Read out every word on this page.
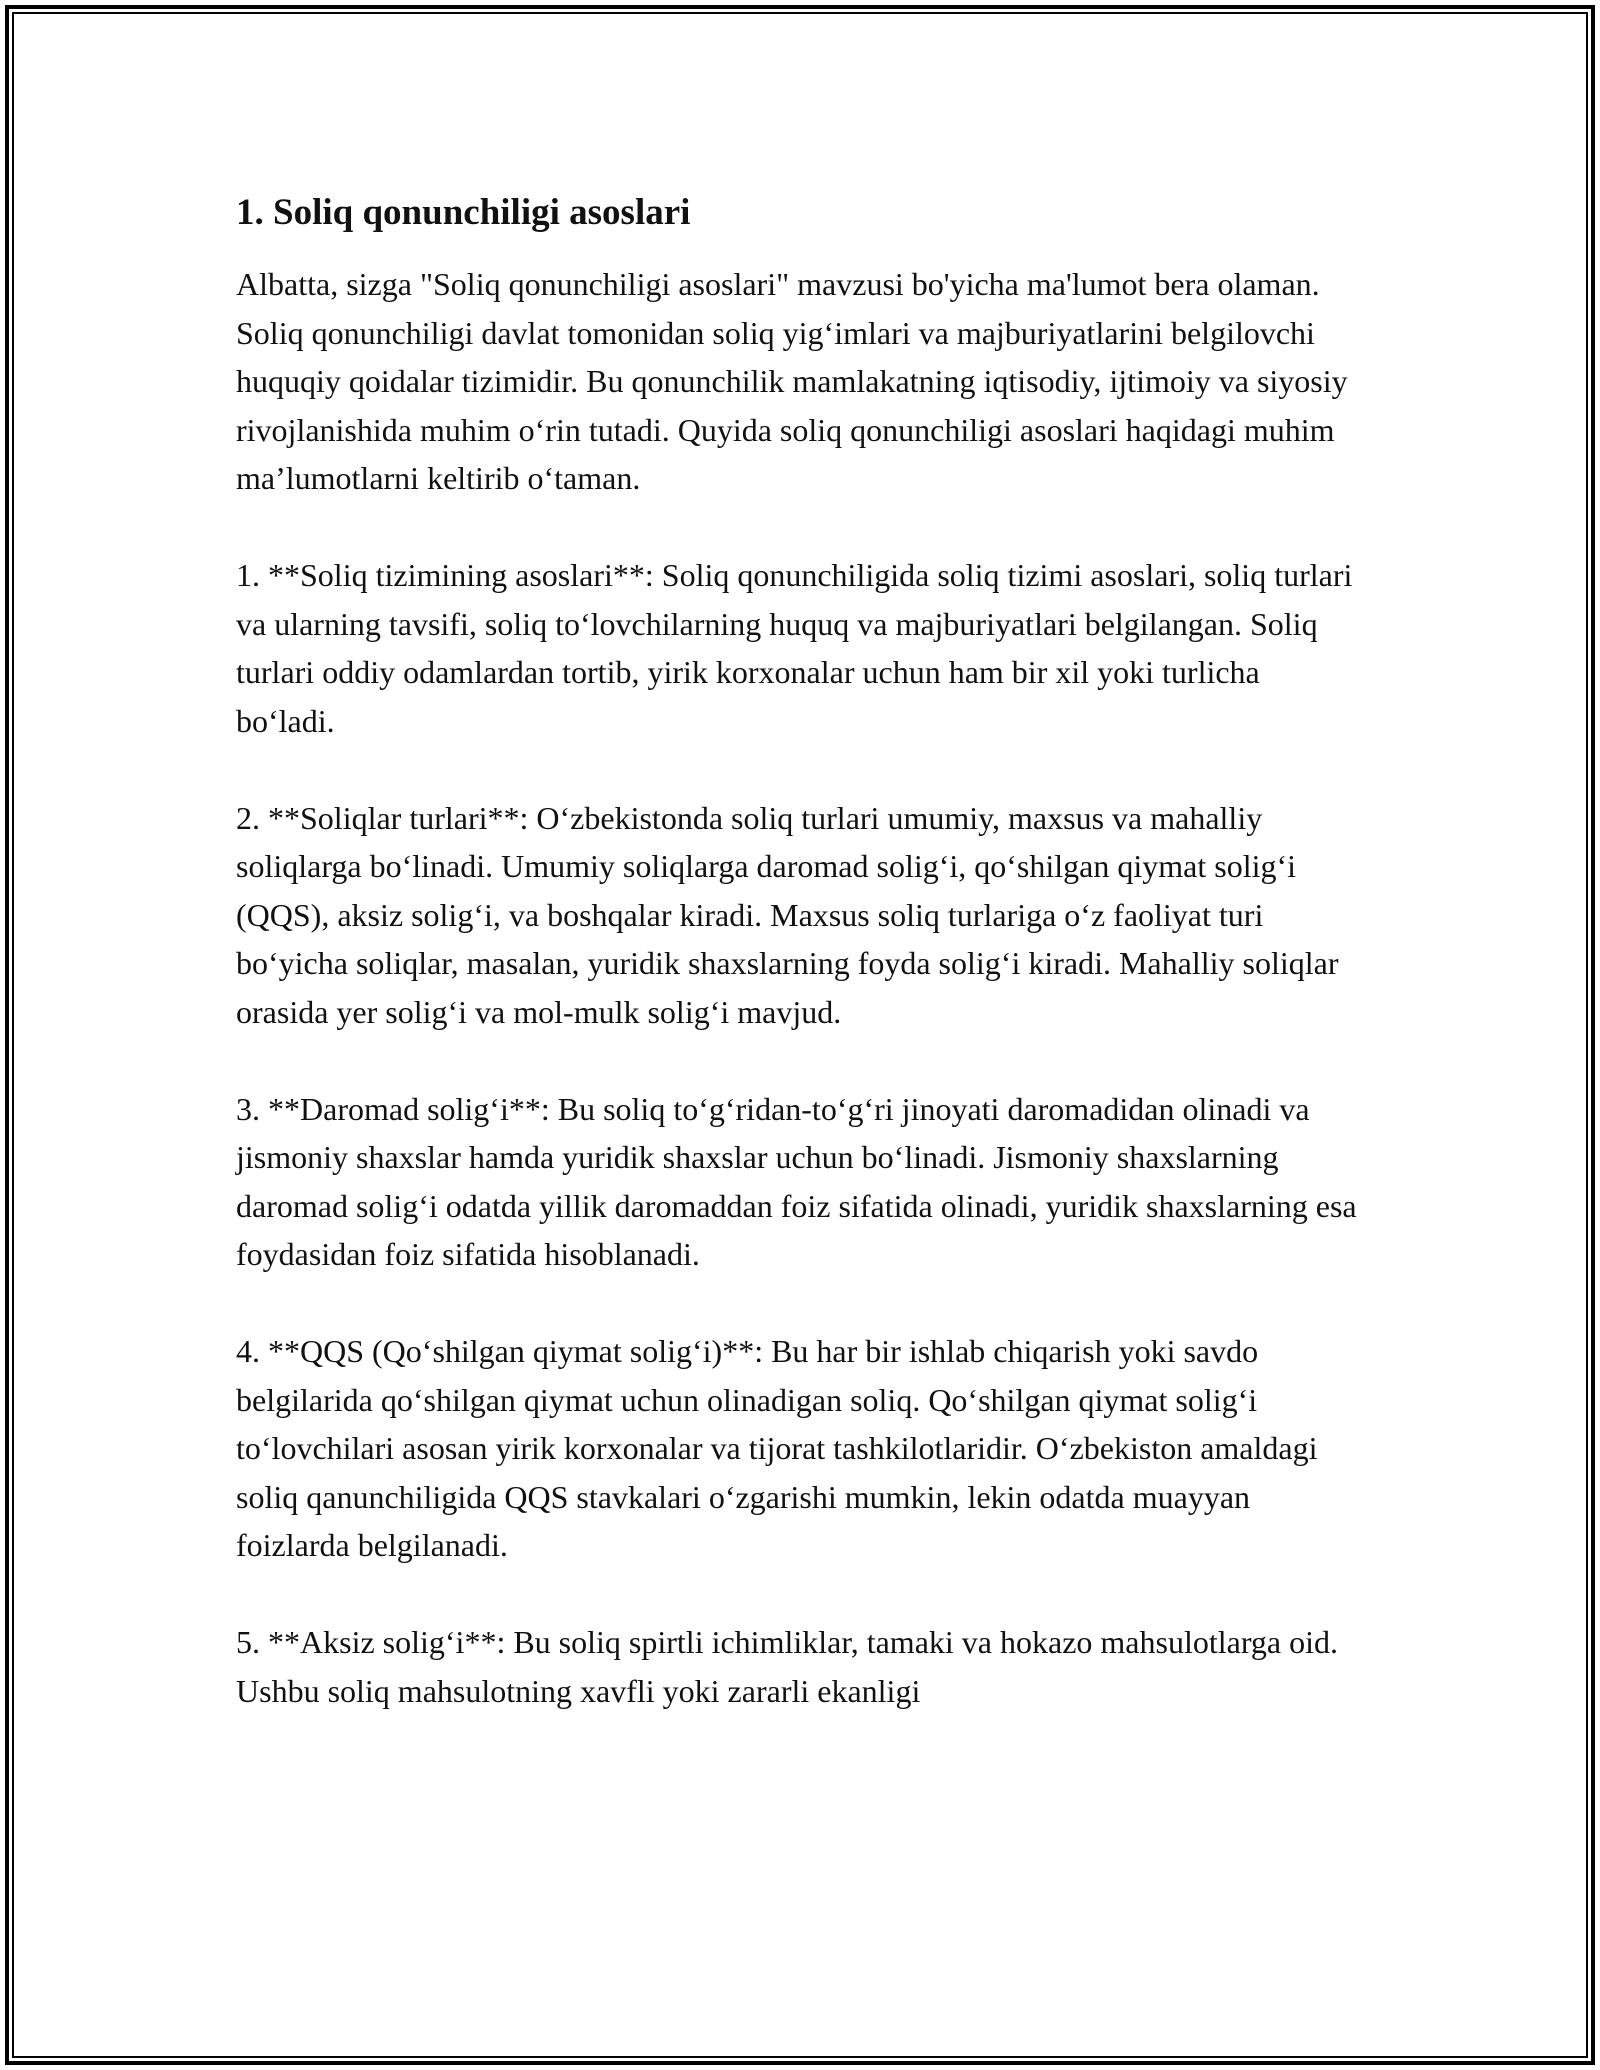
1. Soliq qonunchiligi asoslari

Albatta, sizga "Soliq qonunchiligi asoslari" mavzusi bo'yicha ma'lumot bera olaman. Soliq qonunchiligi davlat tomonidan soliq yig‘imlari va majburiyatlarini belgilovchi huquqiy qoidalar tizimidir. Bu qonunchilik mamlakatning iqtisodiy, ijtimoiy va siyosiy rivojlanishida muhim o‘rin tutadi. Quyida soliq qonunchiligi asoslari haqidagi muhim ma’lumotlarni keltirib o‘taman.

1. **Soliq tizimining asoslari**: Soliq qonunchiligida soliq tizimi asoslari, soliq turlari va ularning tavsifi, soliq to‘lovchilarning huquq va majburiyatlari belgilangan. Soliq turlari oddiy odamlardan tortib, yirik korxonalar uchun ham bir xil yoki turlicha bo‘ladi.

2. **Soliqlar turlari**: O‘zbekistonda soliq turlari umumiy, maxsus va mahalliy soliqlarga bo‘linadi. Umumiy soliqlarga daromad solig‘i, qo‘shilgan qiymat solig‘i (QQS), aksiz solig‘i, va boshqalar kiradi. Maxsus soliq turlariga o‘z faoliyat turi bo‘yicha soliqlar, masalan, yuridik shaxslarning foyda solig‘i kiradi. Mahalliy soliqlar orasida yer solig‘i va mol-mulk solig‘i mavjud.

3. **Daromad solig‘i**: Bu soliq to‘g‘ridan-to‘g‘ri jinoyati daromadidan olinadi va jismoniy shaxslar hamda yuridik shaxslar uchun bo‘linadi. Jismoniy shaxslarning daromad solig‘i odatda yillik daromaddan foiz sifatida olinadi, yuridik shaxslarning esa foydasidan foiz sifatida hisoblanadi.

4. **QQS (Qo‘shilgan qiymat solig‘i)**: Bu har bir ishlab chiqarish yoki savdo belgilarida qo‘shilgan qiymat uchun olinadigan soliq. Qo‘shilgan qiymat solig‘i to‘lovchilari asosan yirik korxonalar va tijorat tashkilotlaridir. O‘zbekiston amaldagi soliq qanunchiligida QQS stavkalari o‘zgarishi mumkin, lekin odatda muayyan foizlarda belgilanadi.

5. **Aksiz solig‘i**: Bu soliq spirtli ichimliklar, tamaki va hokazo mahsulotlarga oid. Ushbu soliq mahsulotning xavfli yoki zararli ekanligi
